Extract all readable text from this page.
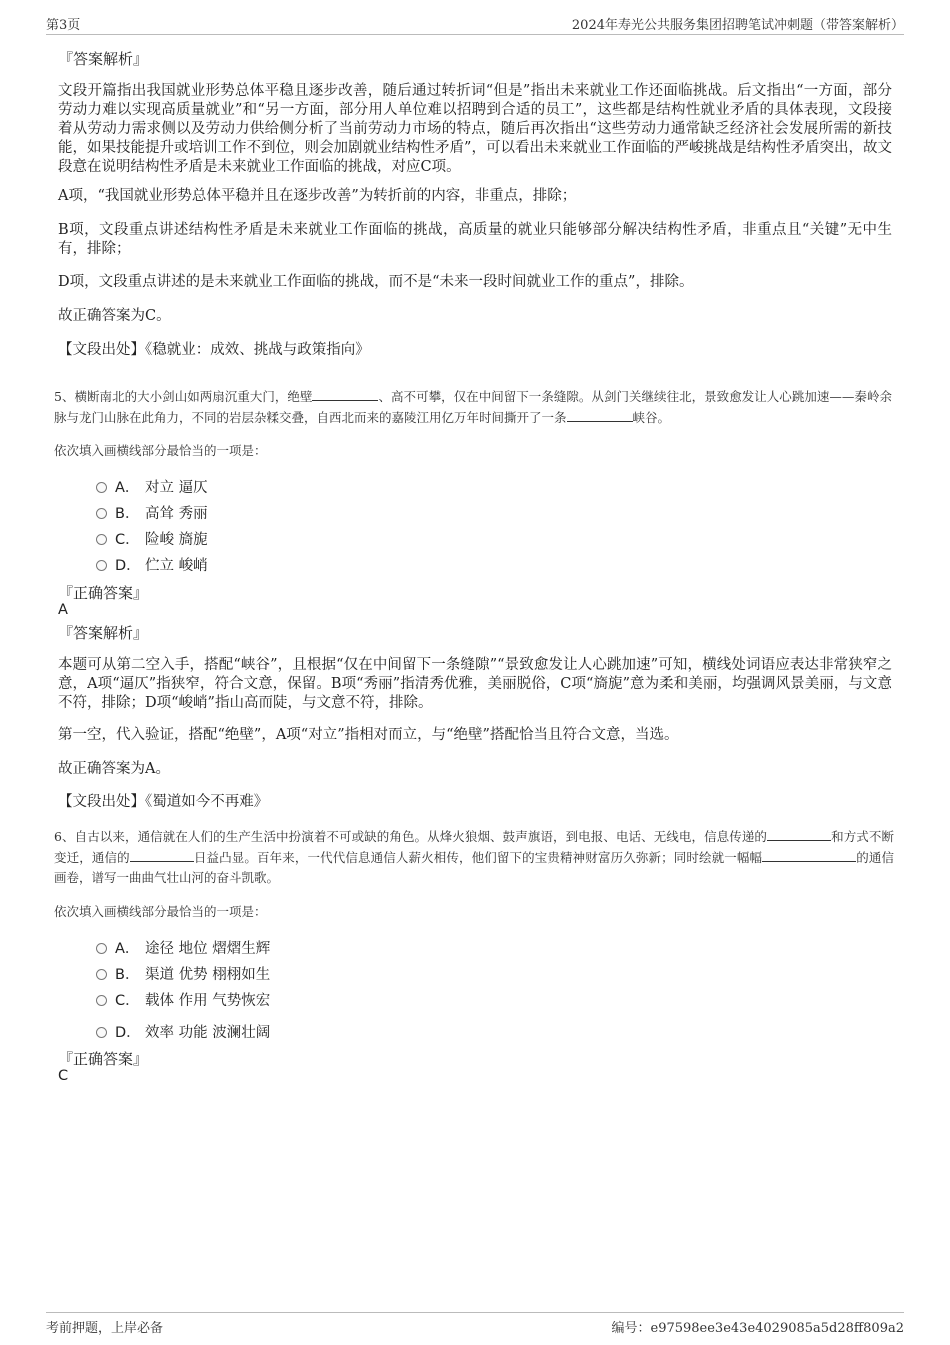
第3页	2024年寿光公共服务集团招聘笔试冲刺题（带答案解析）
『答案解析』
文段开篇指出我国就业形势总体平稳且逐步改善，随后通过转折词“但是”指出未来就业工作还面临挑战。后文指出“一方面，部分劳动力难以实现高质量就业”和“另一方面，部分用人单位难以招聘到合适的员工”，这些都是结构性就业矛盾的具体表现，文段接着从劳动力需求侧以及劳动力供给侧分析了当前劳动力市场的特点，随后再次指出“这些劳动力通常缺乏经济社会发展所需的新技能，如果技能提升或培训工作不到位，则会加剧就业结构性矛盾”，可以看出未来就业工作面临的严峻挑战是结构性矛盾突出，故文段意在说明结构性矛盾是未来就业工作面临的挑战，对应C项。
A项，“我国就业形势总体平稳并且在逐步改善”为转折前的内容，非重点，排除；
B项，文段重点讲述结构性矛盾是未来就业工作面临的挑战，高质量的就业只能够部分解决结构性矛盾，非重点且“关键”无中生有，排除；
D项，文段重点讲述的是未来就业工作面临的挑战，而不是“未来一段时间就业工作的重点”，排除。
故正确答案为C。
【文段出处】《稳就业：成效、挑战与政策指向》
5、横断南北的大小剑山如两扇沉重大门，绝壁	、高不可攀，仅在中间留下一条缝隙。从剑门关继续往北，景致愈发让人心跳加速——秦岭余脉与龙门山脉在此角力，不同的岩层杂糅交叠，自西北而来的嘉陵江用亿万年时间撕开了一条	峡谷。
依次填入画横线部分最恰当的一项是：
A． 对立 逼仄
B． 高耸 秀丽
C． 险峻 旖旎
D． 伫立 峻峭
『正确答案』
A
『答案解析』
本题可从第二空入手，搭配“峡谷”，且根据“仅在中间留下一条缝隙”“景致愈发让人心跳加速”可知，横线处词语应表达非常狭窄之意，A项“逼仄”指狭窄，符合文意，保留。B项“秀丽”指清秀优雅，美丽脱俗，C项“旖旎”意为柔和美丽，均强调风景美丽，与文意不符，排除；D项“峻峭”指山高而陡，与文意不符，排除。
第一空，代入验证，搭配“绝壁”，A项“对立”指相对而立，与“绝壁”搭配恰当且符合文意，当选。
故正确答案为A。
【文段出处】《蜀道如今不再难》
6、自古以来，通信就在人们的生产生活中扮演着不可或缺的角色。从烽火狼烟、鼓声旗语，到电报、电话、无线电，信息传递的	和方式不断变迁，通信的	日益凸显。百年来，一代代信息通信人薪火相传，他们留下的宝贵精神财富历久弥新；同时绘就一幅幅	的通信画卷，谱写一曲曲气壮山河的奋斗凯歌。
依次填入画横线部分最恰当的一项是：
A． 途径 地位 熠熠生辉
B． 渠道 优势 栩栩如生
C． 载体 作用 气势恢宏
D． 效率 功能 波澜壮阔
『正确答案』
C
考前押题，上岸必备	编号：e97598ee3e43e4029085a5d28ff809a2
